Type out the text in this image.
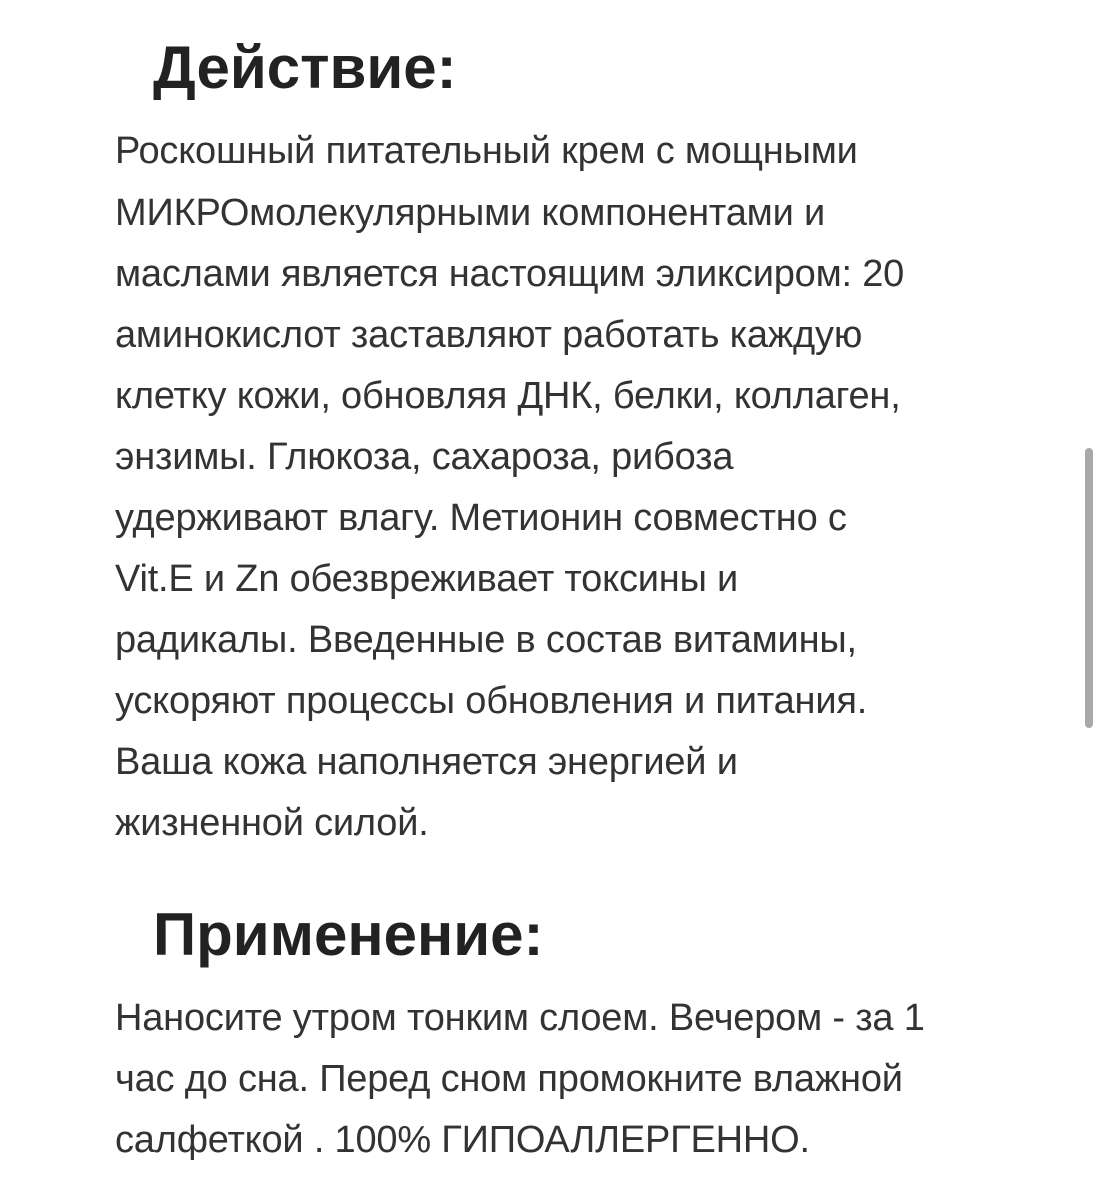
Действие:

Роскошный питательный крем с мощными

МИКРОмолекулярными компонентами и

маслами является настоящим эликсиром: 20

аминокислот заставляют работать каждую

клетку кожи, обновляя ДНК, белки, коллаген,

энзимы. Глюкоза, сахароза, рибоза

удерживают влагу. Метионин совместно с

Vit.E и Zn обезвреживает токсины и

радикалы. Введенные в состав витамины,

ускоряют процессы обновления и питания.

Ваша кожа наполняется энергией и

жизненной силой.

Применение:

Наносите утром тонким слоем. Вечером - за 1

час до сна. Перед сном промокните влажной

салфеткой . 100% ГИПОАЛЛЕРГЕННО.
